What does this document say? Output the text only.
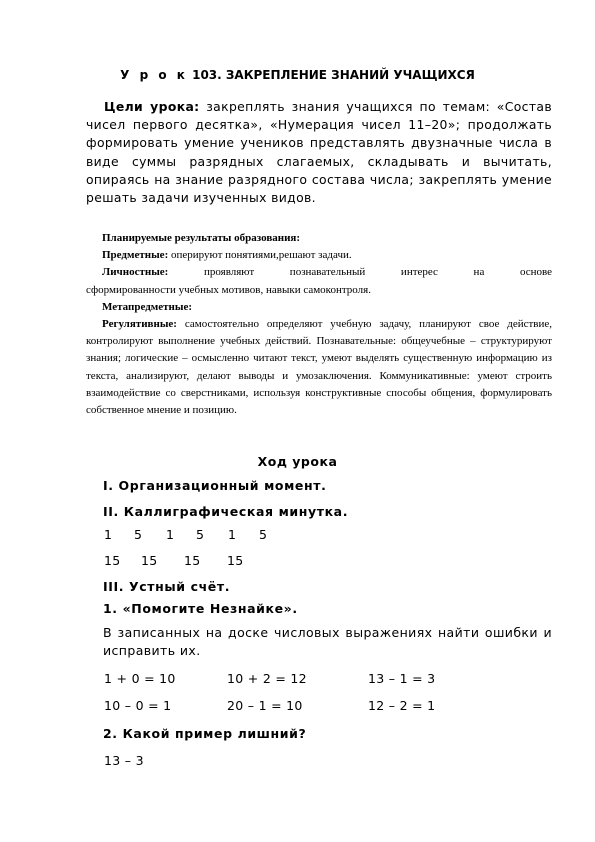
У р о к 103. ЗАКРЕПЛЕНИЕ ЗНАНИЙ УЧАЩИХСЯ
Цели урока: закреплять знания учащихся по темам: «Состав чисел первого десятка», «Нумерация чисел 11–20»; продолжать формировать умение учеников представлять двузначные числа в виде суммы разрядных слагаемых, складывать и вычитать, опираясь на знание разрядного состава числа; закреплять умение решать задачи изученных видов.

Планируемые результаты образования:

Предметные: оперируют понятиями,решают задачи.

Личностные:	проявляют познавательный интерес на основе

сформированности учебных мотивов, навыки самоконтроля.

Метапредметные:

Регулятивные: самостоятельно определяют учебную задачу, планируют свое действие, контролируют выполнение учебных действий. Познавательные: общеучебные – структурируют знания; логические – осмысленно читают текст, умеют выделять существенную информацию из текста, анализируют, делают выводы и умозаключения. Коммуникативные: умеют строить взаимодействие со сверстниками, используя конструктивные способы общения, формулировать собственное мнение и позицию.

Ход урока
I. Организационный момент.
II. Каллиграфическая минутка.
1 5 1 5 1 5
15 15 15 15
III. Устный счёт.
1. «Помогите Незнайке».
В записанных на доске числовых выражениях найти ошибки и исправить их.
1 + 0 = 10	10 + 2 = 12	13 – 1 = 3
10 – 0 = 1	20 – 1 = 10	12 – 2 = 1
2. Какой пример лишний?
13 – 3
